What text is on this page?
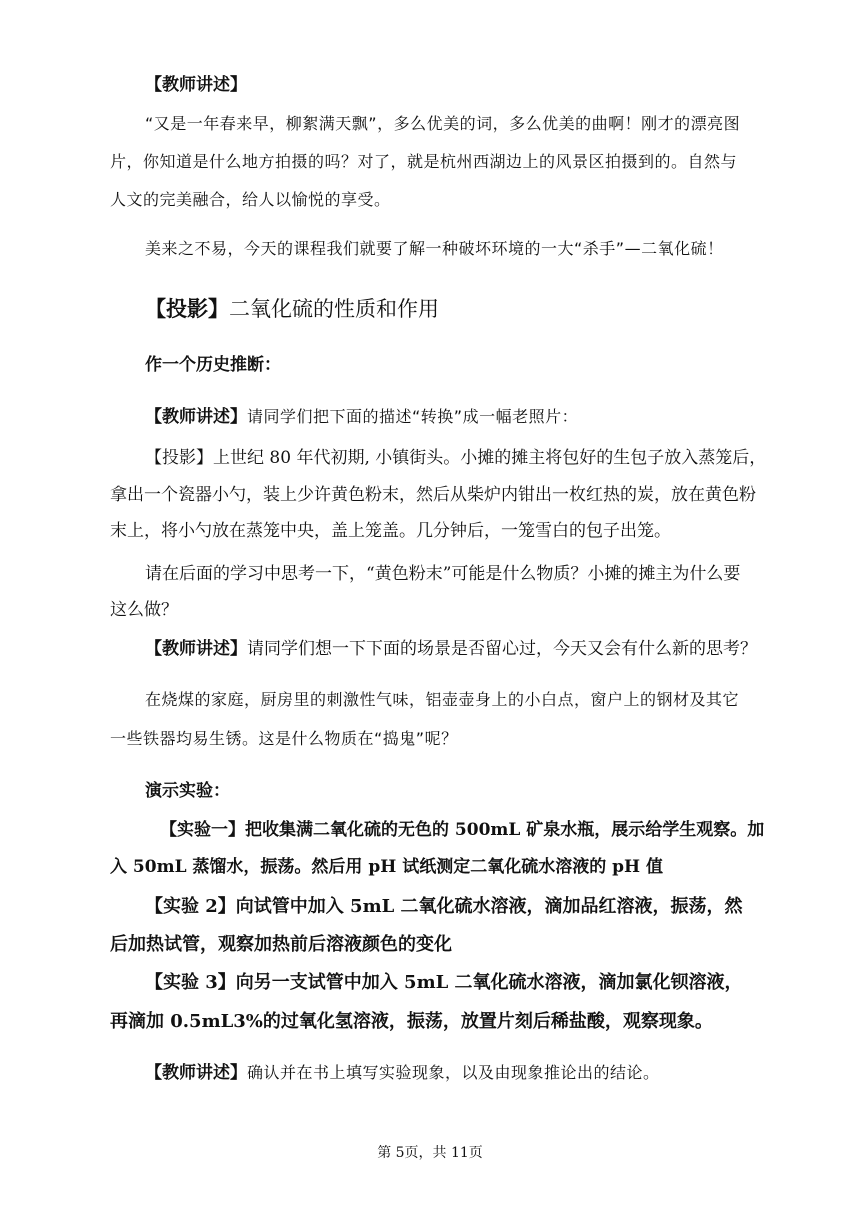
【教师讲述】
“又是一年春来早，柳絮满天飘”，多么优美的词，多么优美的曲啊！刚才的漂亮图
片，你知道是什么地方拍摄的吗？对了，就是杭州西湖边上的风景区拍摄到的。自然与
人文的完美融合，给人以愉悦的享受。
美来之不易，今天的课程我们就要了解一种破坏环境的一大“杀手”—二氧化硫！
【投影】二氧化硫的性质和作用
作一个历史推断：
【教师讲述】请同学们把下面的描述“转换”成一幅老照片：
【投影】上世纪 80 年代初期, 小镇街头。小摊的摊主将包好的生包子放入蒸笼后，
拿出一个瓷器小勺，装上少许黄色粉末，然后从柴炉内钳出一枚红热的炭，放在黄色粉
末上，将小勺放在蒸笼中央，盖上笼盖。几分钟后，一笼雪白的包子出笼。
请在后面的学习中思考一下，“黄色粉末”可能是什么物质？小摊的摊主为什么要
这么做？
【教师讲述】请同学们想一下下面的场景是否留心过，今天又会有什么新的思考？
在烧煤的家庭，厨房里的刺激性气味，铝壶壶身上的小白点，窗户上的钢材及其它
一些铁器均易生锈。这是什么物质在“捣鬼”呢？
演示实验：
【实验一】把收集满二氧化硫的无色的 500mL 矿泉水瓶，展示给学生观察。加
入 50mL 蒸馏水，振荡。然后用 pH 试纸测定二氧化硫水溶液的 pH 值
【实验 2】向试管中加入 5mL 二氧化硫水溶液，滴加品红溶液，振荡，然
后加热试管，观察加热前后溶液颜色的变化
【实验 3】向另一支试管中加入 5mL 二氧化硫水溶液，滴加氯化钡溶液，
再滴加 0.5mL3%的过氧化氢溶液，振荡，放置片刻后稀盐酸，观察现象。
【教师讲述】确认并在书上填写实验现象，以及由现象推论出的结论。
第 5页，共 11页
